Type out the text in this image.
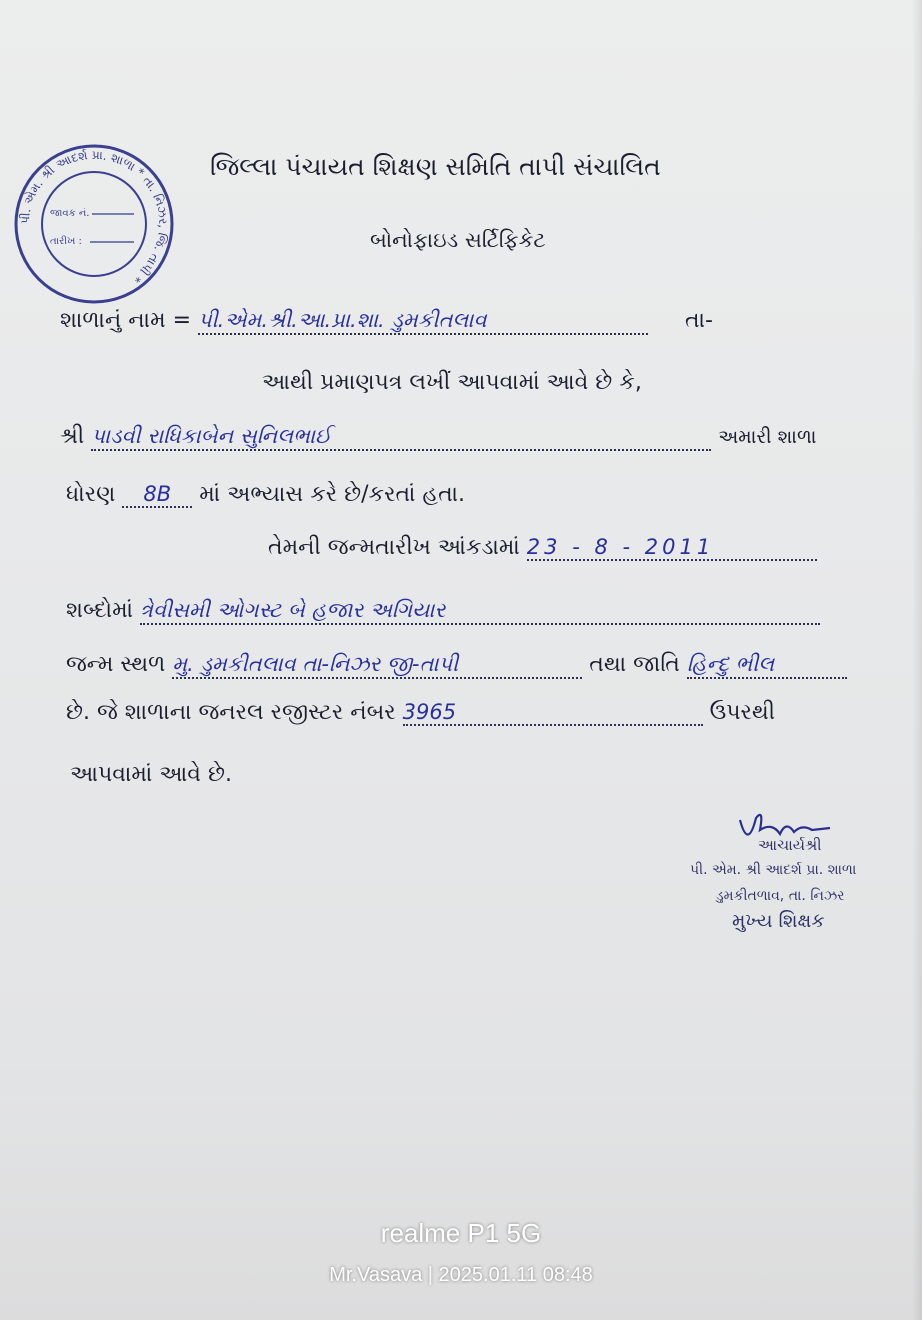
પી. એમ. શ્રી આદર્શ પ્રા. શાળા * તા. નિઝર, જિ. તાપી *
જાવક નં.
તારીખ :
જિલ્લા પંચાયત શિક્ષણ સમિતિ તાપી સંચાલિત
બોનોફાઇડ સર્ટિફિકેટ
શાળાનું નામ = પી.એમ.શ્રી.આ.પ્રા.શા. ડુમકીતલાવ	તા-
આથી પ્રમાણપત્ર લખીં આપવામાં આવે છે કે,
શ્રી પાડવી રાધિકાબેન સુનિલભાઈ	અમારી શાળા
ધોરણ 8B માં અભ્યાસ કરે છે/કરતાં હતા.
તેમની જન્મતારીખ આંકડામાં 23 - 8 - 2011
શબ્દોમાં ત્રેવીસમી ઓગસ્ટ બે હજાર અગિયાર
જન્મ સ્થળ મુ. ડુમકીતલાવ તા-નિઝર જી-તાપી	તથા જાતિ હિન્દુ ભીલ
છે. જે શાળાના જનરલ રજીસ્ટર નંબર 3965	ઉપરથી
આપવામાં આવે છે.
આચાર્યશ્રી
પી. એમ. શ્રી આદર્શ પ્રા. શાળા
ડુમકીતળાવ, તા. નિઝર
મુખ્ય શિક્ષક
realme P1 5G
Mr.Vasava | 2025.01.11 08:48
